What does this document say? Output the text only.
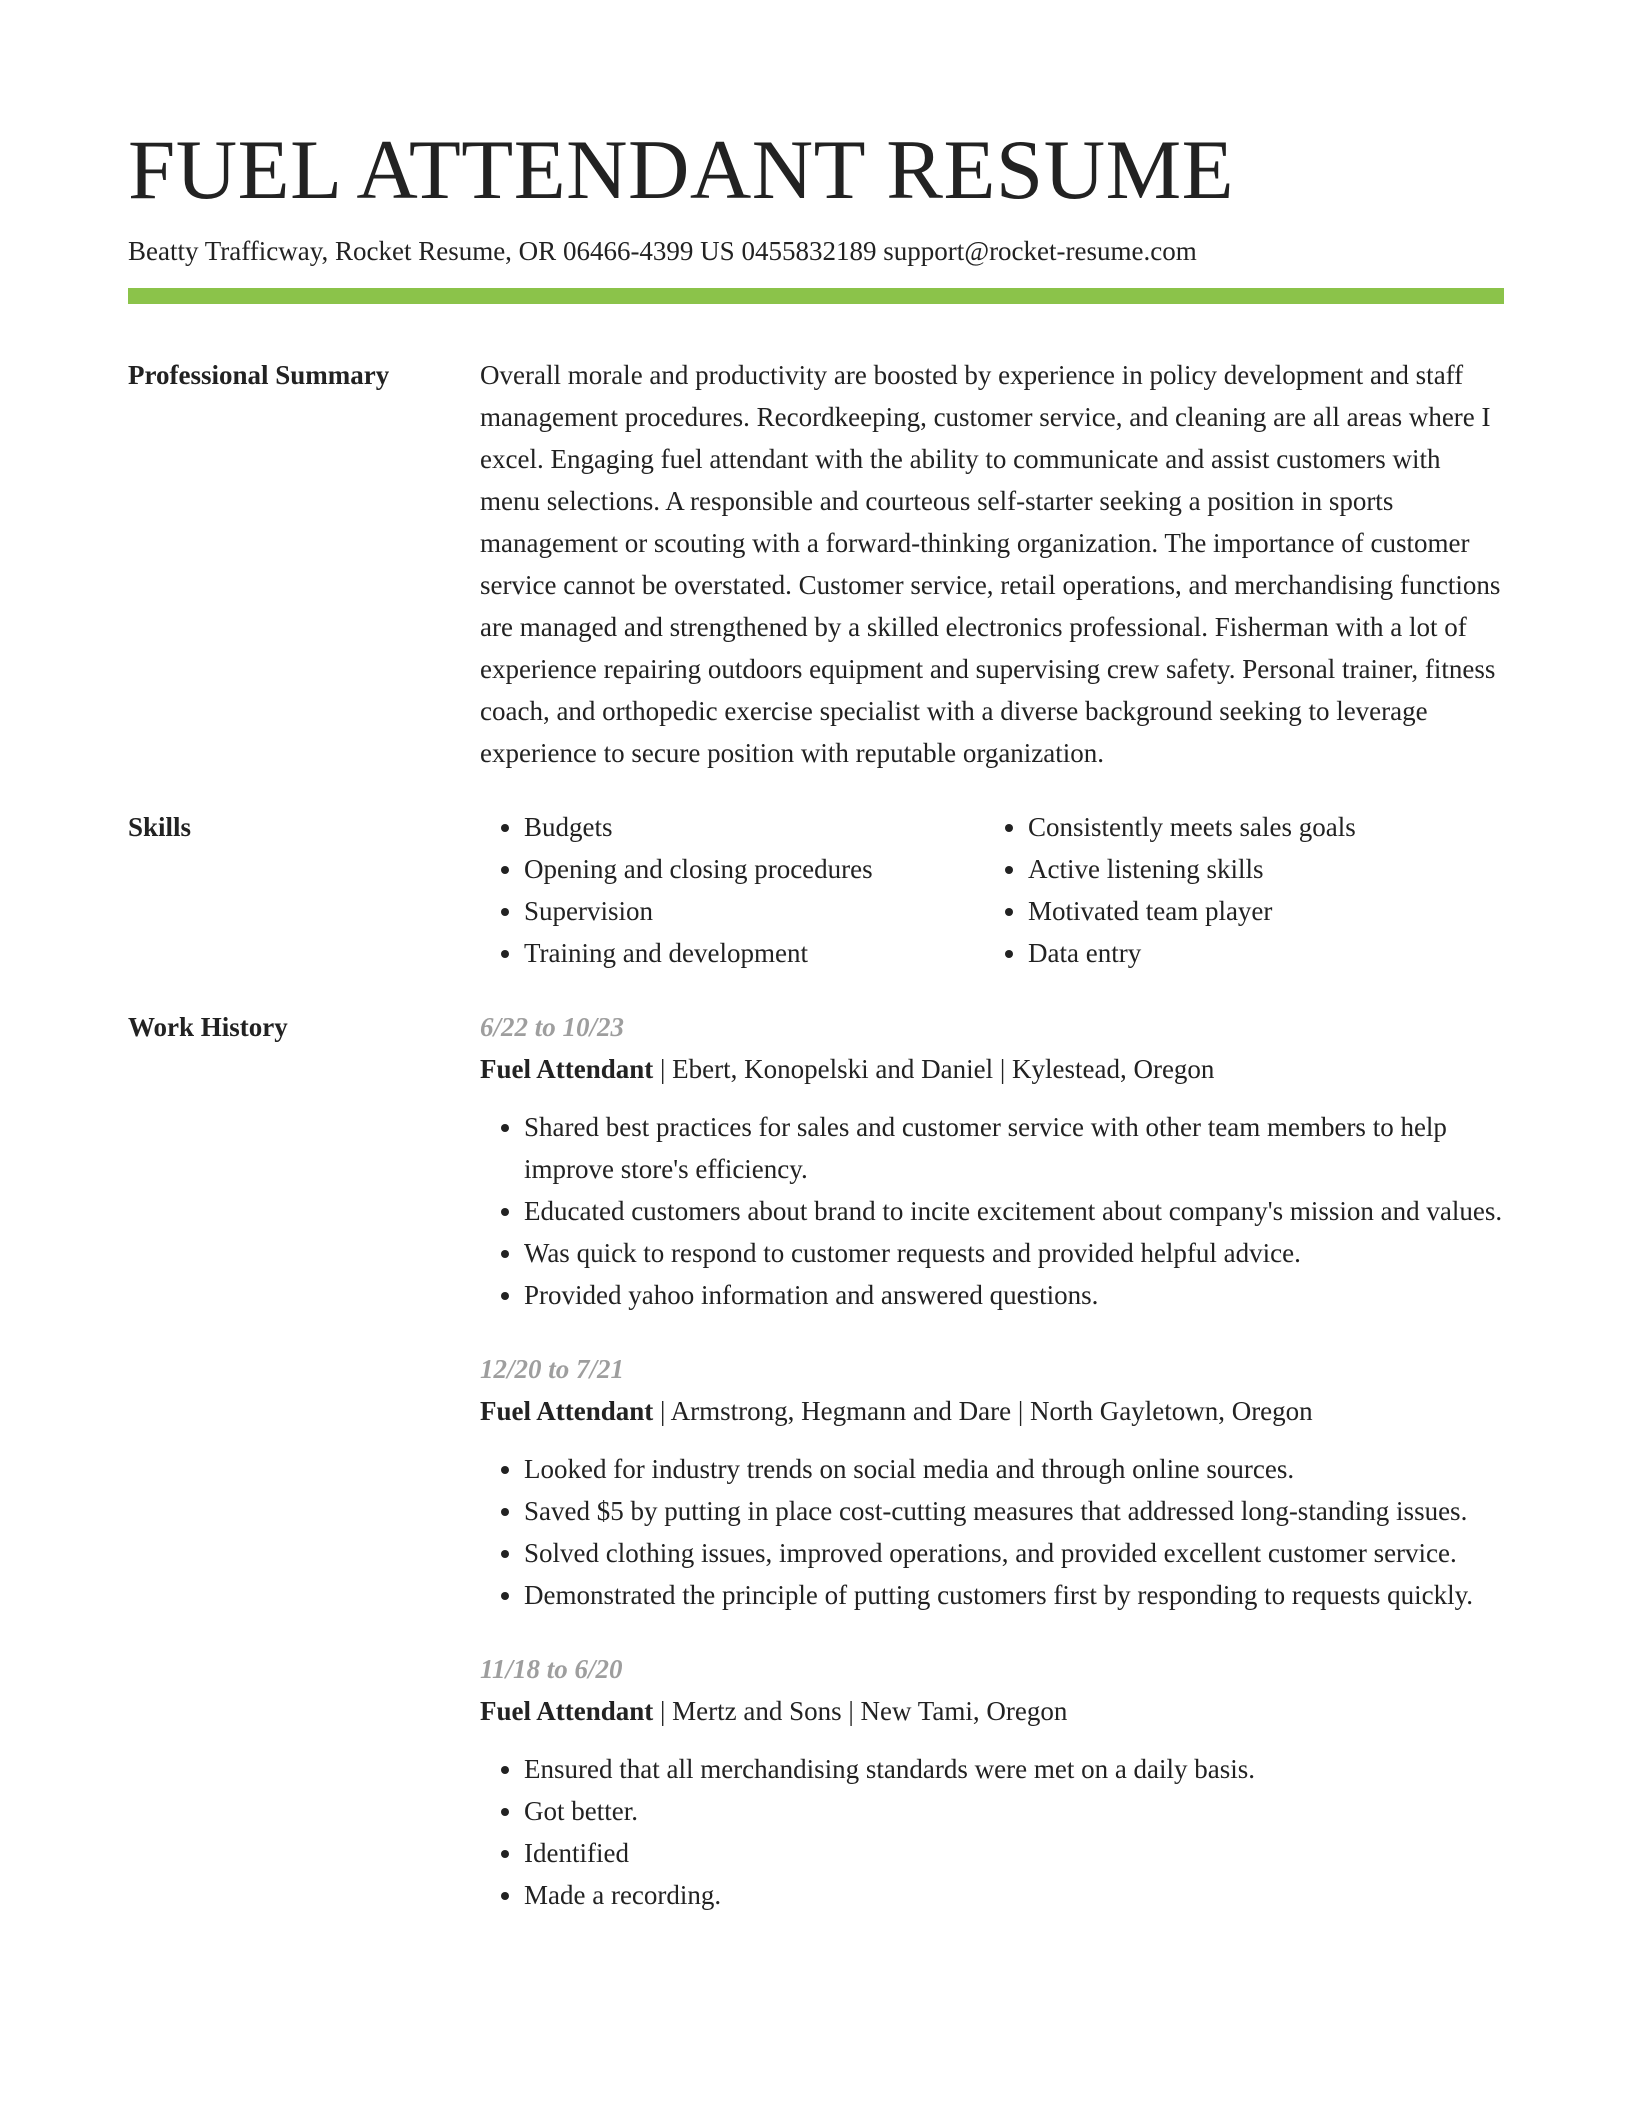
FUEL ATTENDANT RESUME
Beatty Trafficway, Rocket Resume, OR 06466-4399 US 0455832189 support@rocket-resume.com
Professional Summary	Overall morale and productivity are boosted by experience in policy development and staff management procedures. Recordkeeping, customer service, and cleaning are all areas where I excel. Engaging fuel attendant with the ability to communicate and assist customers with menu selections. A responsible and courteous self-starter seeking a position in sports management or scouting with a forward-thinking organization. The importance of customer service cannot be overstated. Customer service, retail operations, and merchandising functions are managed and strengthened by a skilled electronics professional. Fisherman with a lot of experience repairing outdoors equipment and supervising crew safety. Personal trainer, fitness coach, and orthopedic exercise specialist with a diverse background seeking to leverage experience to secure position with reputable organization.

Skills
•	Budgets
• Opening and closing procedures
• Supervision
• Training and development
• Consistently meets sales goals
• Active listening skills
• Motivated team player
• Data entry
Work History	6/22 to 10/23
Fuel Attendant | Ebert, Konopelski and Daniel | Kylestead, Oregon
• Shared best practices for sales and customer service with other team members to help improve store's efficiency.
• Educated customers about brand to incite excitement about company's mission and values.
• Was quick to respond to customer requests and provided helpful advice.
• Provided yahoo information and answered questions.
12/20 to 7/21
Fuel Attendant | Armstrong, Hegmann and Dare | North Gayletown, Oregon
• Looked for industry trends on social media and through online sources.
• Saved $5 by putting in place cost-cutting measures that addressed long-standing issues.
• Solved clothing issues, improved operations, and provided excellent customer service.
• Demonstrated the principle of putting customers first by responding to requests quickly.
11/18 to 6/20
Fuel Attendant | Mertz and Sons | New Tami, Oregon
• Ensured that all merchandising standards were met on a daily basis.
• Got better.
• Identified
• Made a recording.
